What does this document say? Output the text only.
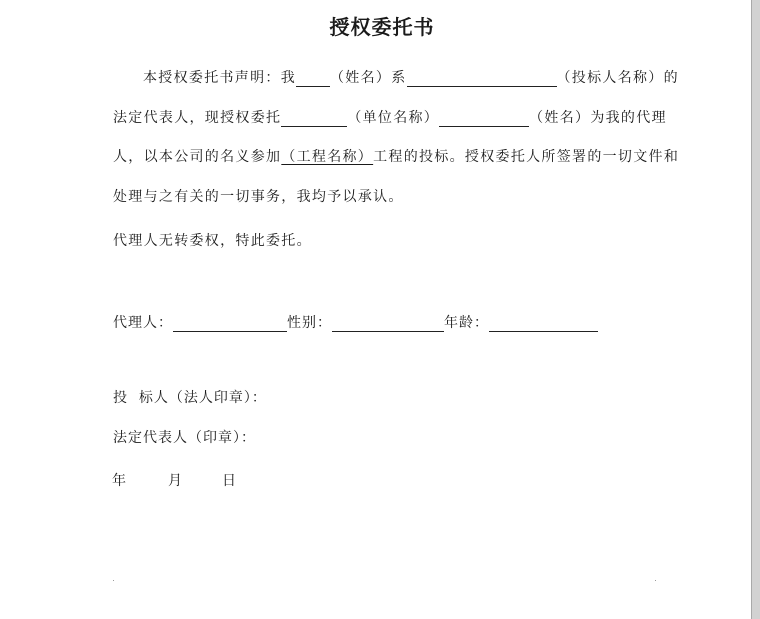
授权委托书
本授权委托书声明：我 （姓名）系	（投标人名称）的
法定代表人，现授权委托	（单位名称）	（姓名）为我的代理
人，以本公司的名义参加（工程名称）工程的投标。授权委托人所签署的一切文件和
处理与之有关的一切事务，我均予以承认。
代理人无转委权，特此委托。
代理人：	性别：	年龄：
投  标人（法人印章）：
法定代表人（印章）：
年	月	日
